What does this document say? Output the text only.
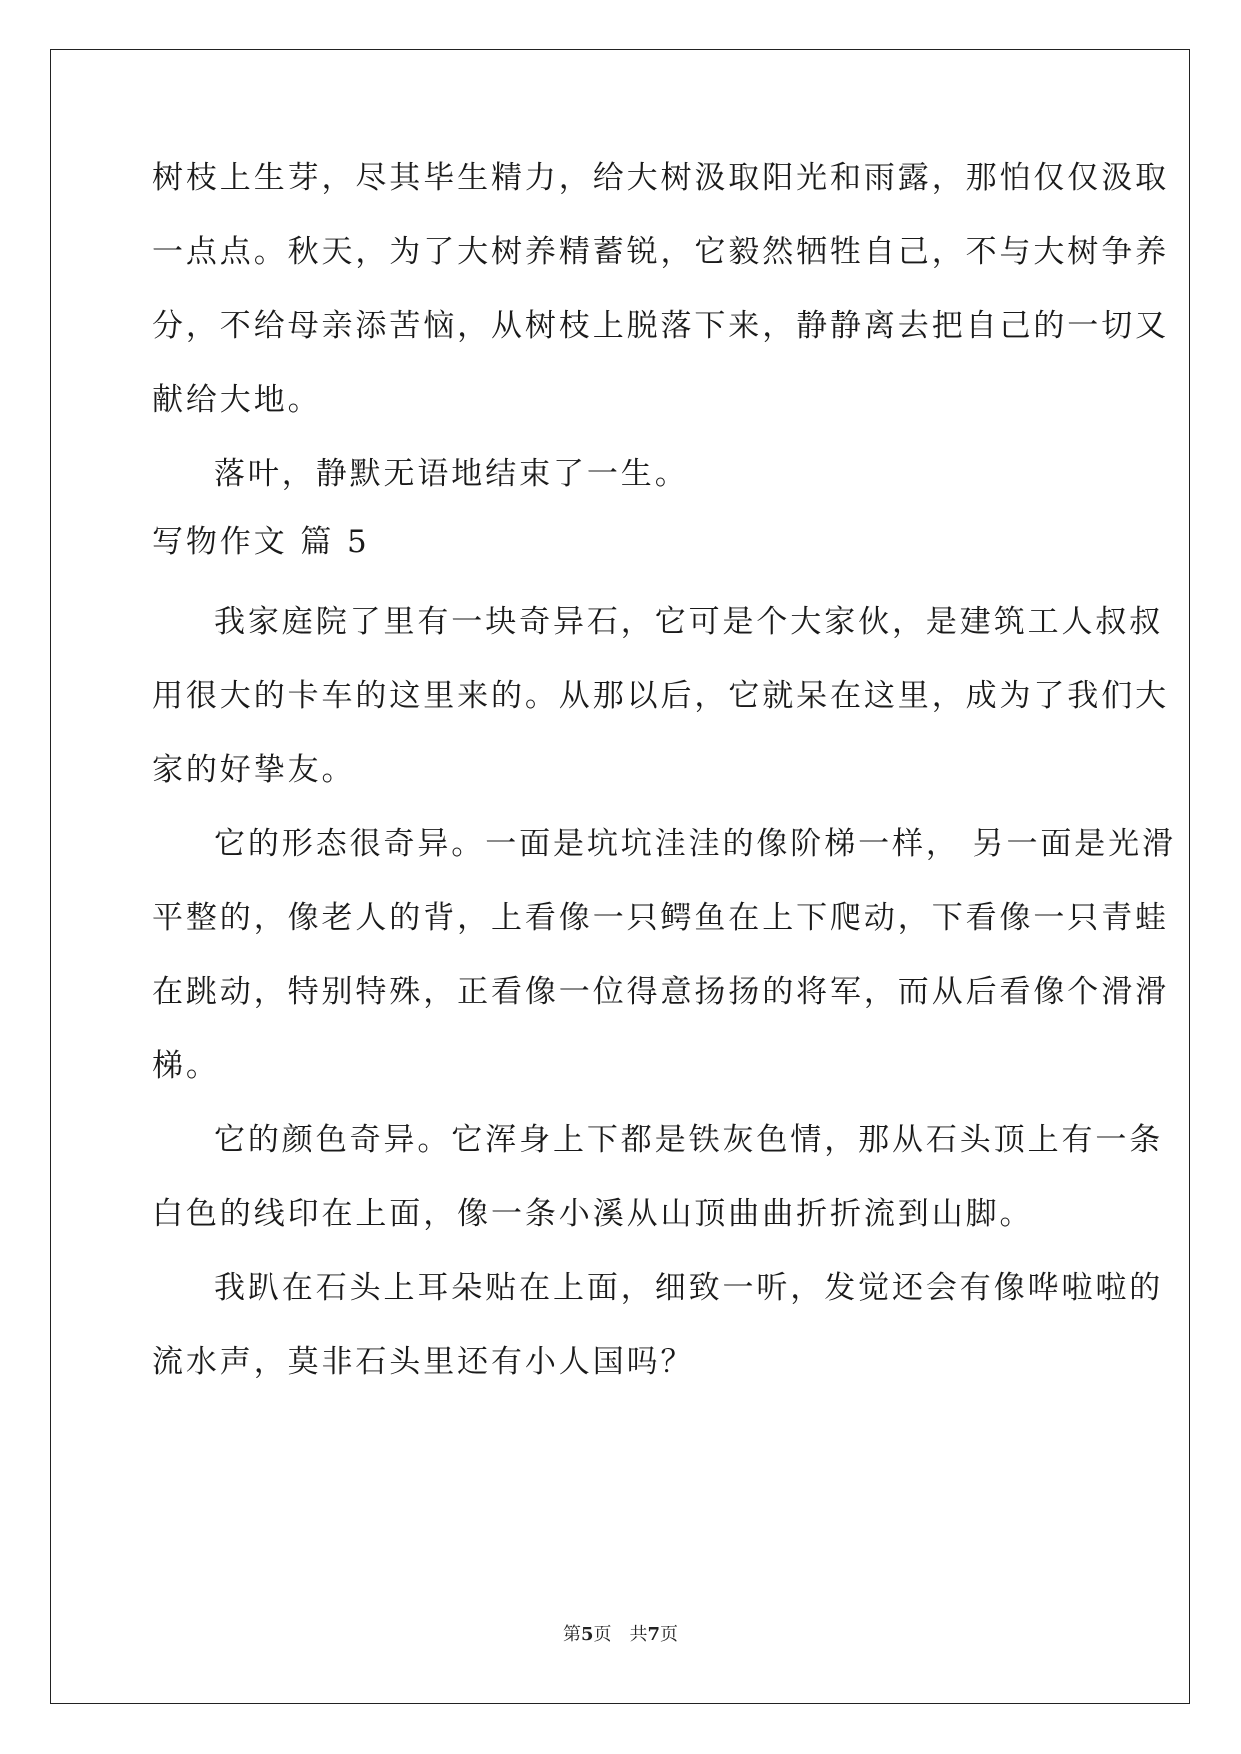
树枝上生芽，尽其毕生精力，给大树汲取阳光和雨露，那怕仅仅汲取
一点点。秋天，为了大树养精蓄锐，它毅然牺牲自己，不与大树争养
分，不给母亲添苦恼，从树枝上脱落下来，静静离去把自己的一切又
献给大地。
落叶，静默无语地结束了一生。
写物作文 篇 5
我家庭院了里有一块奇异石，它可是个大家伙，是建筑工人叔叔
用很大的卡车的这里来的。从那以后，它就呆在这里，成为了我们大
家的好挚友。
它的形态很奇异。一面是坑坑洼洼的像阶梯一样， 另一面是光滑
平整的，像老人的背，上看像一只鳄鱼在上下爬动，下看像一只青蛙
在跳动，特别特殊，正看像一位得意扬扬的将军，而从后看像个滑滑
梯。
它的颜色奇异。它浑身上下都是铁灰色情，那从石头顶上有一条
白色的线印在上面，像一条小溪从山顶曲曲折折流到山脚。
我趴在石头上耳朵贴在上面，细致一听，发觉还会有像哗啦啦的
流水声，莫非石头里还有小人国吗？
第5页 共7页
